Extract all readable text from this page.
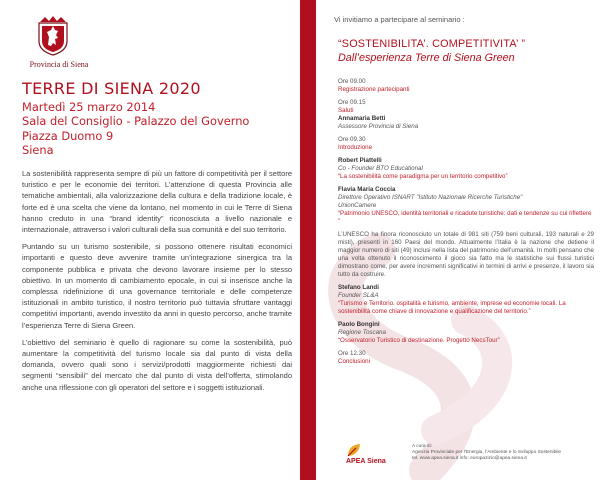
Provincia di Siena
TERRE DI SIENA 2020
Martedì 25 marzo 2014
Sala del Consiglio - Palazzo del Governo
Piazza Duomo 9
Siena

La sostenibilità rappresenta sempre di più un fattore di competitività per il settore turistico e per le economie dei territori. L’attenzione di questa Provincia alle tematiche ambientali, alla valorizzazione della cultura e della tradizione locale, è forte ed è una scelta che viene da lontano, nel momento in cui le Terre di Siena hanno creduto in una “brand identity” riconosciuta a livello nazionale e internazionale, attraverso i valori culturali della sua comunità e del suo territorio.

Puntando su un turismo sostenibile, si possono ottenere risultati economici importanti e questo deve avvenire tramite un’integrazione sinergica tra la componente pubblica e privata che devono lavorare insieme per lo stesso obiettivo. In un momento di cambiamento epocale, in cui si inserisce anche la complessa ridefinizione di una governance territoriale e delle competenze istituzionali in ambito turistico, il nostro territorio può tuttavia sfruttare vantaggi competitivi importanti, avendo investito da anni in questo percorso, anche tramite l’esperienza Terre di Siena Green.

L’obiettivo del seminario è quello di ragionare su come la sostenibilità, può aumentare la competitività del turismo locale sia dal punto di vista della domanda, ovvero quali sono i servizi/prodotti maggiormente richiesti dai segmenti “sensibili” del mercato che dal punto di vista dell’offerta, stimolando anche una riflessione con gli operatori del settore e i soggetti istituzionali.

Vi invitiamo a partecipare al seminario :
“SOSTENIBILITA’. COMPETITIVITA’ ”
Dall’esperienza Terre di Siena Green
Ore 09.00
Registrazione partecipanti
Ore 09.15
Saluti
Annamaria Betti
Assessore Provincia di Siena
Ore 09.30
Introduzione
Robert Piattelli
Co - Founder BTO Educational
“La sostenibilità come paradigma per un territorio competitivo”
Flavia Maria Coccia
Direttore Operativo ISNART "Istituto Nazionale Ricerche Turistiche"
UnionCamere
“Patrimonio UNESCO, identità territoriali e ricadute turistiche: dati e tendenze su cui riflettere ”
L’UNESCO ha finora riconosciuto un totale di 981 siti (759 beni culturali, 193 naturali e 29 misti), presenti in 160 Paesi del mondo. Attualmente l’Italia è la nazione che detiene il maggior numero di siti (49) inclusi nella lista del patrimonio dell’umanità. In molti pensano che una volta ottenuto il riconoscimento il gioco sia fatto ma le statistiche sui flussi turistici dimostrano come, per avere incrementi significativi in termini di arrivi e presenze, il lavoro sia tutto da costruire.
Stefano Landi
Founder SL&A
“Turismo e Territorio. ospitalità e turismo, ambiente, imprese ed economie locali. La sostenibilità come chiave di innovazione e qualificazione del territorio.”
Paolo Bongini
Regione Toscana
“Osservatorio Turistico di destinazione. Progetto NecsTour”
Ore 12.30
Conclusioni
APEA Siena
A cura di:
Agenzia Provinciale per l’Energia, l’Ambiente e lo Sviluppo Sostenibile
tel. www.apea.siena.it info: europazizio@apea.siena.it
